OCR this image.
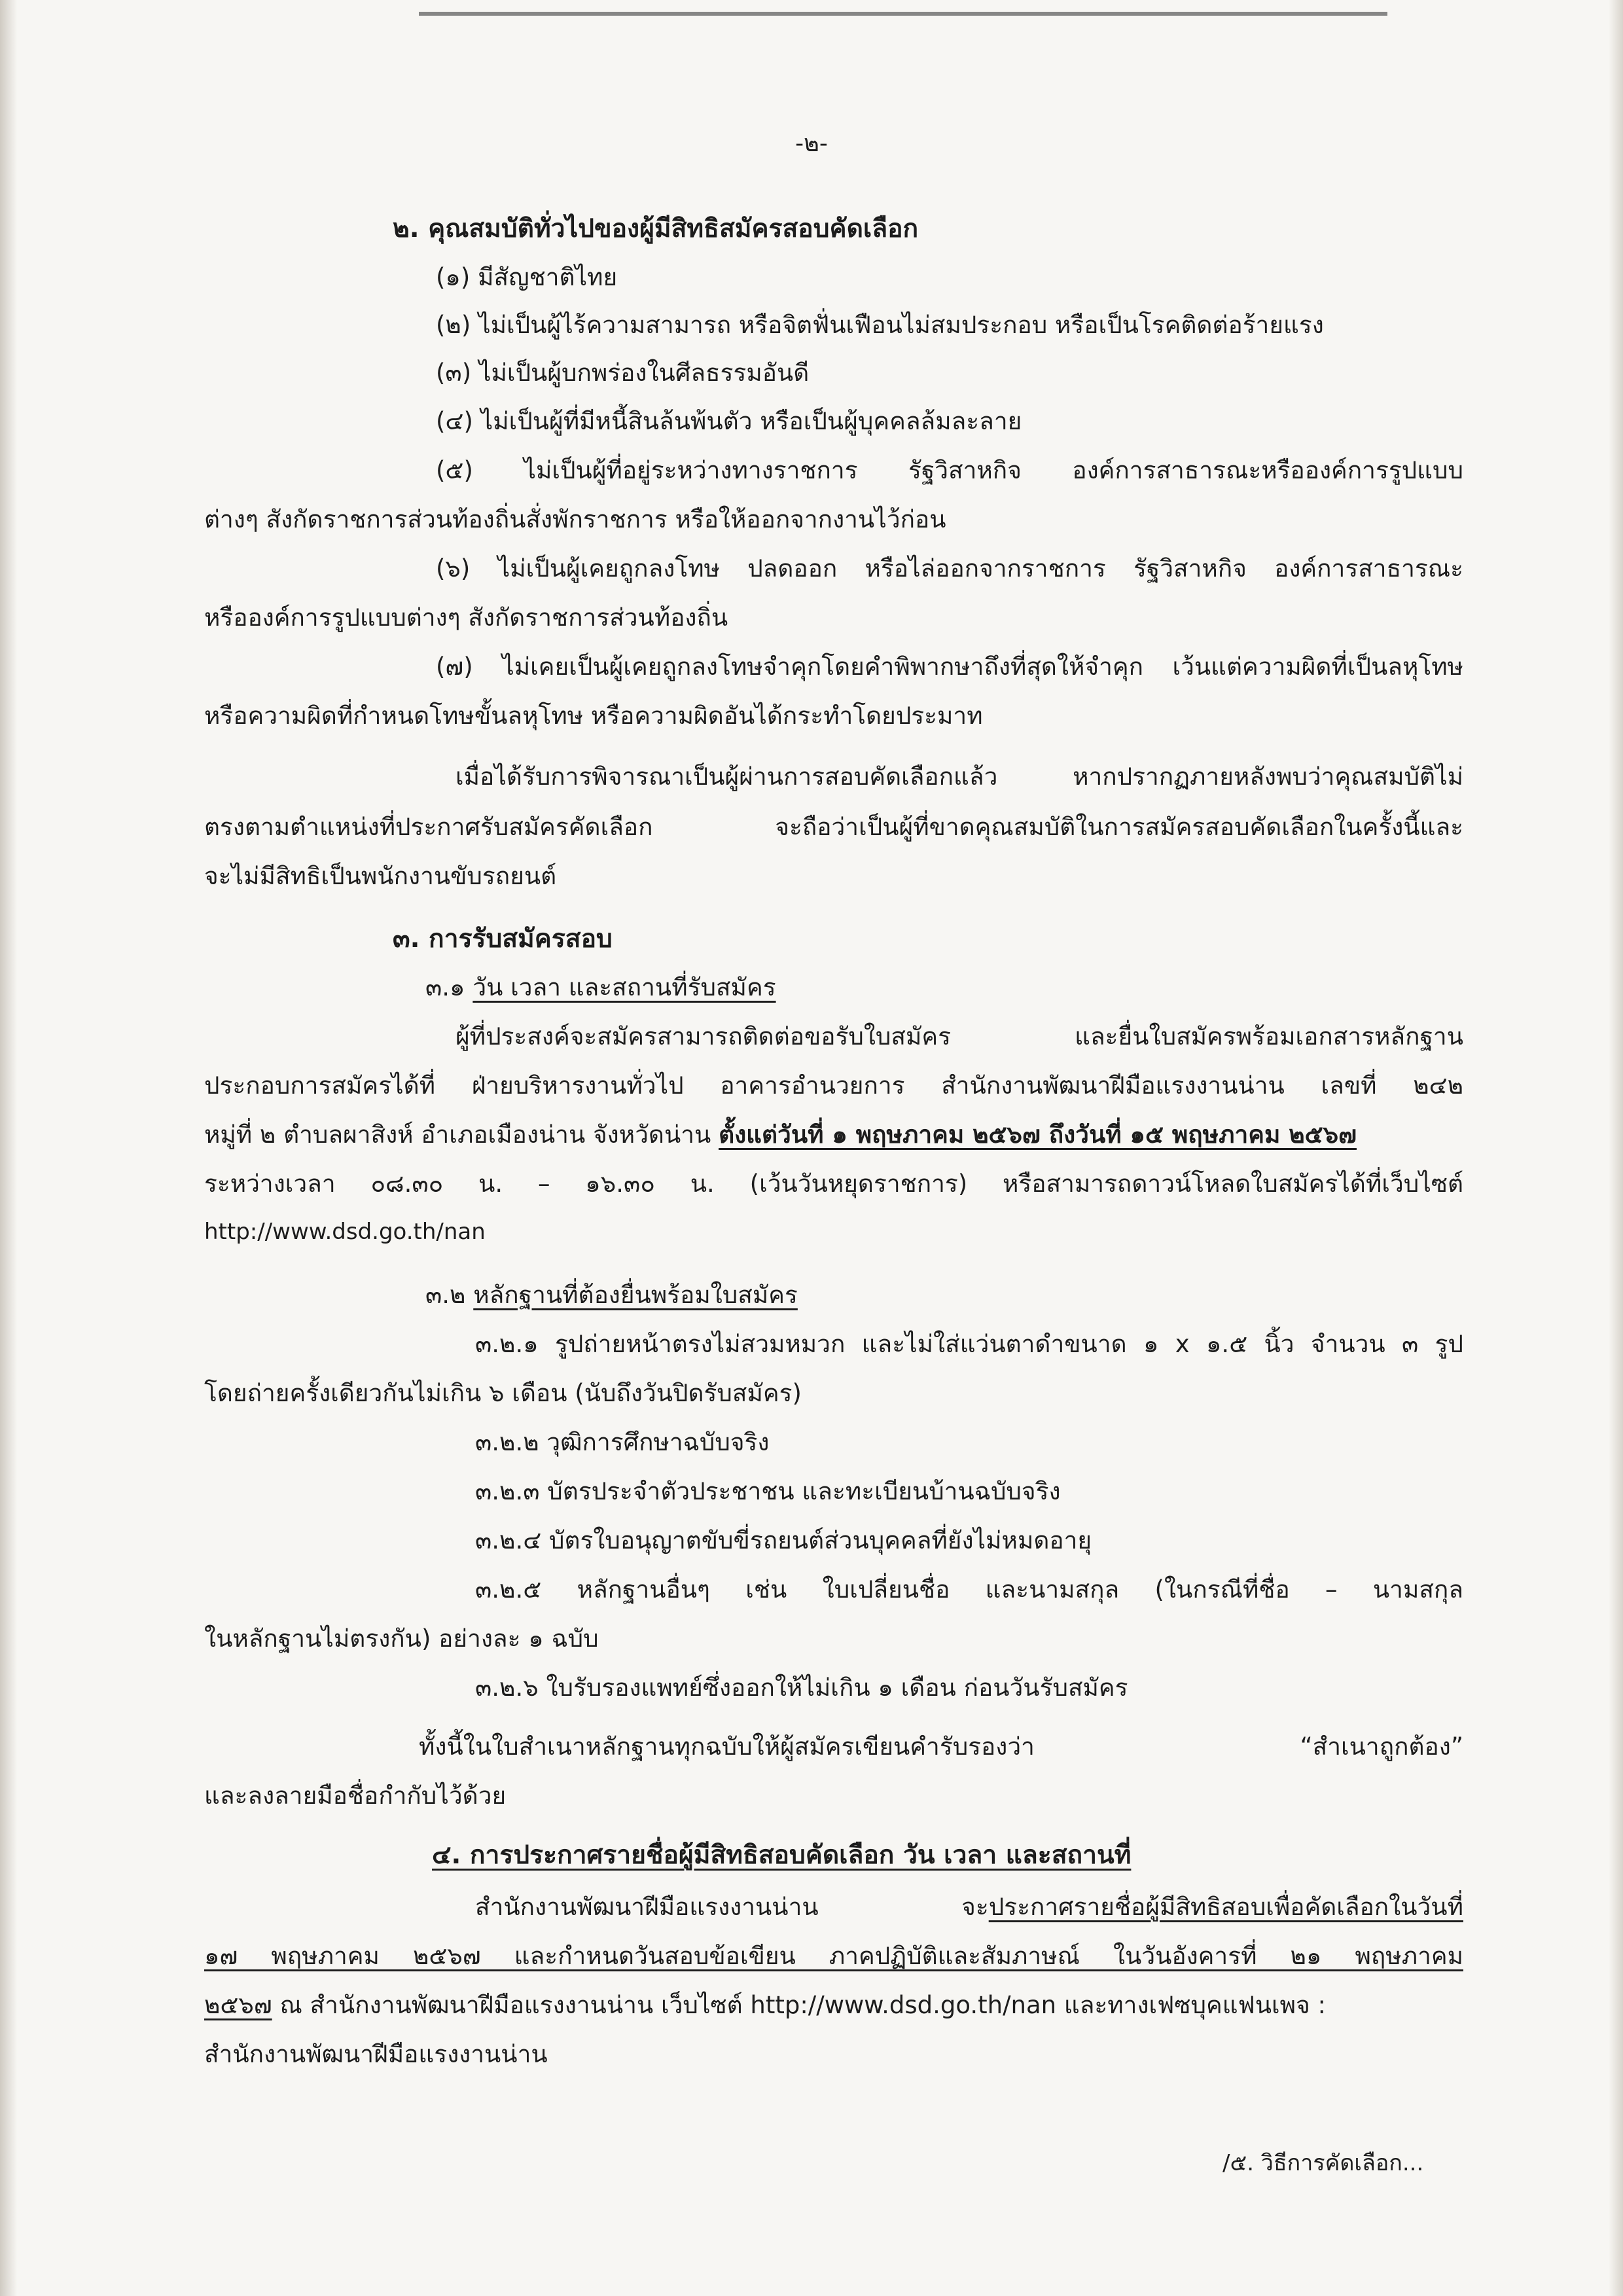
-๒-
๒. คุณสมบัติทั่วไปของผู้มีสิทธิสมัครสอบคัดเลือก
(๑) มีสัญชาติไทย
(๒) ไม่เป็นผู้ไร้ความสามารถ หรือจิตฟั่นเฟือนไม่สมประกอบ หรือเป็นโรคติดต่อร้ายแรง
(๓) ไม่เป็นผู้บกพร่องในศีลธรรมอันดี
(๔) ไม่เป็นผู้ที่มีหนี้สินล้นพ้นตัว หรือเป็นผู้บุคคลล้มละลาย
(๕) ไม่เป็นผู้ที่อยู่ระหว่างทางราชการ รัฐวิสาหกิจ องค์การสาธารณะหรือองค์การรูปแบบ
ต่างๆ สังกัดราชการส่วนท้องถิ่นสั่งพักราชการ หรือให้ออกจากงานไว้ก่อน
(๖) ไม่เป็นผู้เคยถูกลงโทษ ปลดออก หรือไล่ออกจากราชการ รัฐวิสาหกิจ องค์การสาธารณะ
หรือองค์การรูปแบบต่างๆ สังกัดราชการส่วนท้องถิ่น
(๗) ไม่เคยเป็นผู้เคยถูกลงโทษจำคุกโดยคำพิพากษาถึงที่สุดให้จำคุก เว้นแต่ความผิดที่เป็นลหุโทษ
หรือความผิดที่กำหนดโทษขั้นลหุโทษ หรือความผิดอันได้กระทำโดยประมาท
เมื่อได้รับการพิจารณาเป็นผู้ผ่านการสอบคัดเลือกแล้ว หากปรากฏภายหลังพบว่าคุณสมบัติไม่
ตรงตามตำแหน่งที่ประกาศรับสมัครคัดเลือก จะถือว่าเป็นผู้ที่ขาดคุณสมบัติในการสมัครสอบคัดเลือกในครั้งนี้และ
จะไม่มีสิทธิเป็นพนักงานขับรถยนต์
๓. การรับสมัครสอบ
๓.๑ วัน เวลา และสถานที่รับสมัคร
ผู้ที่ประสงค์จะสมัครสามารถติดต่อขอรับใบสมัคร และยื่นใบสมัครพร้อมเอกสารหลักฐาน
ประกอบการสมัครได้ที่ ฝ่ายบริหารงานทั่วไป อาคารอำนวยการ สำนักงานพัฒนาฝีมือแรงงานน่าน เลขที่ ๒๔๒
หมู่ที่ ๒ ตำบลผาสิงห์ อำเภอเมืองน่าน จังหวัดน่าน ตั้งแต่วันที่ ๑ พฤษภาคม ๒๕๖๗ ถึงวันที่ ๑๕ พฤษภาคม ๒๕๖๗
ระหว่างเวลา ๐๘.๓๐ น. – ๑๖.๓๐ น. (เว้นวันหยุดราชการ) หรือสามารถดาวน์โหลดใบสมัครได้ที่เว็บไซต์
http://www.dsd.go.th/nan
๓.๒ หลักฐานที่ต้องยื่นพร้อมใบสมัคร
๓.๒.๑ รูปถ่ายหน้าตรงไม่สวมหมวก และไม่ใส่แว่นตาดำขนาด ๑ x ๑.๕ นิ้ว จำนวน ๓ รูป
โดยถ่ายครั้งเดียวกันไม่เกิน ๖ เดือน (นับถึงวันปิดรับสมัคร)
๓.๒.๒ วุฒิการศึกษาฉบับจริง
๓.๒.๓ บัตรประจำตัวประชาชน และทะเบียนบ้านฉบับจริง
๓.๒.๔ บัตรใบอนุญาตขับขี่รถยนต์ส่วนบุคคลที่ยังไม่หมดอายุ
๓.๒.๕ หลักฐานอื่นๆ เช่น ใบเปลี่ยนชื่อ และนามสกุล (ในกรณีที่ชื่อ – นามสกุล
ในหลักฐานไม่ตรงกัน) อย่างละ ๑ ฉบับ
๓.๒.๖ ใบรับรองแพทย์ซึ่งออกให้ไม่เกิน ๑ เดือน ก่อนวันรับสมัคร
ทั้งนี้ในใบสำเนาหลักฐานทุกฉบับให้ผู้สมัครเขียนคำรับรองว่า “สำเนาถูกต้อง”
และลงลายมือชื่อกำกับไว้ด้วย
๔. การประกาศรายชื่อผู้มีสิทธิสอบคัดเลือก วัน เวลา และสถานที่
สำนักงานพัฒนาฝีมือแรงงานน่าน จะประกาศรายชื่อผู้มีสิทธิสอบเพื่อคัดเลือกในวันที่
๑๗ พฤษภาคม ๒๕๖๗ และกำหนดวันสอบข้อเขียน ภาคปฏิบัติและสัมภาษณ์ ในวันอังคารที่ ๒๑ พฤษภาคม
๒๕๖๗ ณ สำนักงานพัฒนาฝีมือแรงงานน่าน เว็บไซต์ http://www.dsd.go.th/nan และทางเฟซบุคแฟนเพจ :
สำนักงานพัฒนาฝีมือแรงงานน่าน
/๕. วิธีการคัดเลือก...
